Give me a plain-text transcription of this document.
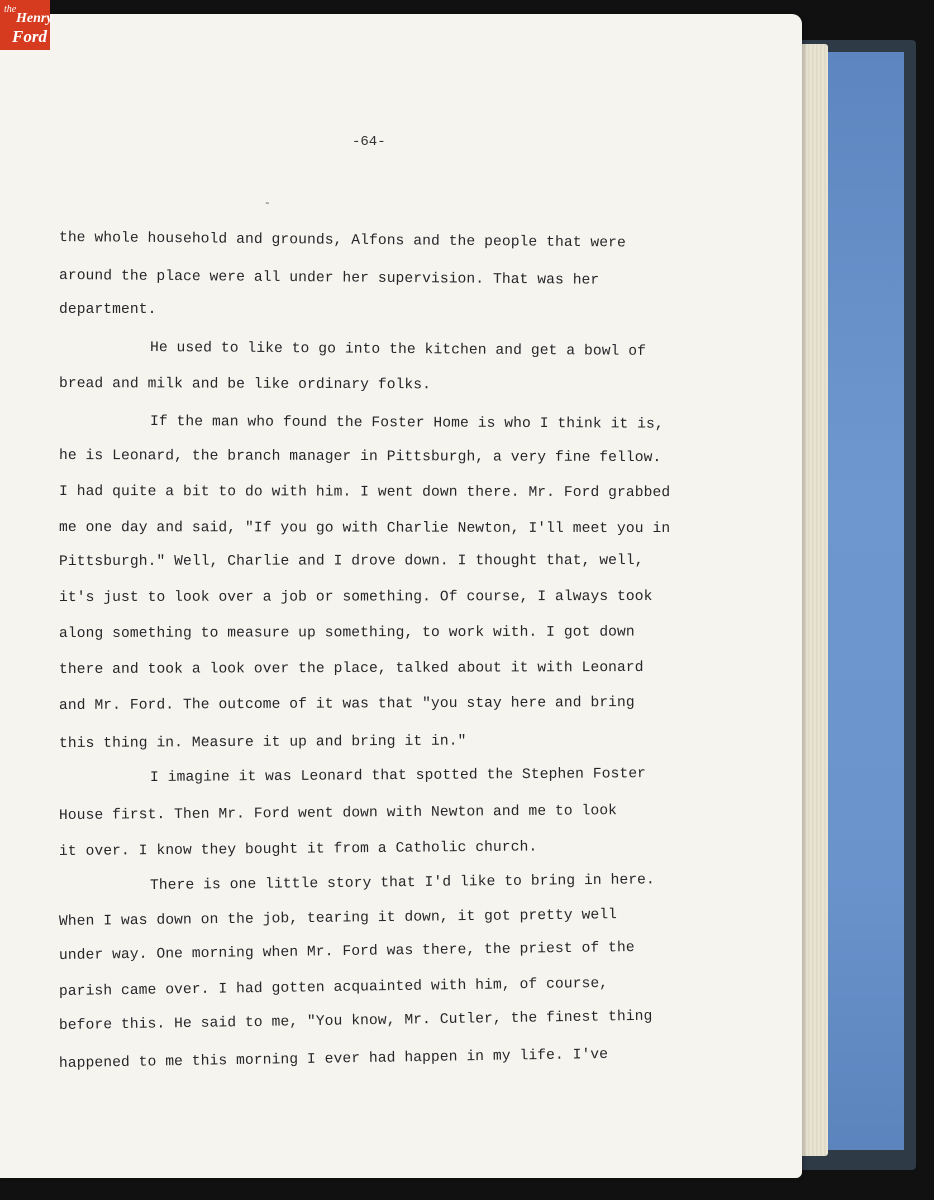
the
Henry
Ford
-64-
-
the whole household and grounds, Alfons and the people that were
around the place were all under her supervision. That was her
department.
He used to like to go into the kitchen and get a bowl of
bread and milk and be like ordinary folks.
If the man who found the Foster Home is who I think it is,
he is Leonard, the branch manager in Pittsburgh, a very fine fellow.
I had quite a bit to do with him. I went down there. Mr. Ford grabbed
me one day and said, "If you go with Charlie Newton, I'll meet you in
Pittsburgh." Well, Charlie and I drove down. I thought that, well,
it's just to look over a job or something. Of course, I always took
along something to measure up something, to work with. I got down
there and took a look over the place, talked about it with Leonard
and Mr. Ford. The outcome of it was that "you stay here and bring
this thing in. Measure it up and bring it in."
I imagine it was Leonard that spotted the Stephen Foster
House first. Then Mr. Ford went down with Newton and me to look
it over. I know they bought it from a Catholic church.
There is one little story that I'd like to bring in here.
When I was down on the job, tearing it down, it got pretty well
under way. One morning when Mr. Ford was there, the priest of the
parish came over. I had gotten acquainted with him, of course,
before this. He said to me, "You know, Mr. Cutler, the finest thing
happened to me this morning I ever had happen in my life. I've
